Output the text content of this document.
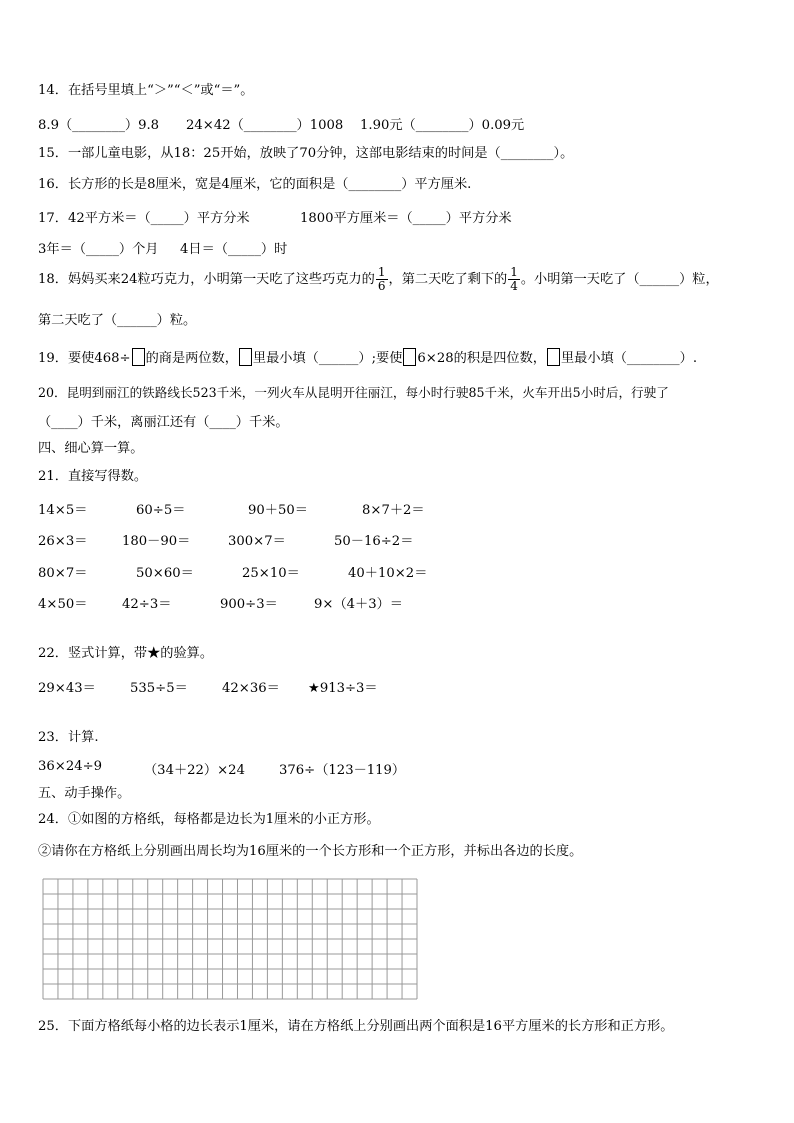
14．在括号里填上“＞”“＜”或“＝”。
8.9（________）9.8 24×42（________）1008 1.90元（________）0.09元
15．一部儿童电影，从18：25开始，放映了70分钟，这部电影结束的时间是（________）。
16．长方形的长是8厘米，宽是4厘米，它的面积是（________）平方厘米.
17．42平方米＝（_____）平方分米	1800平方厘米＝（_____）平方分米
3年＝（_____）个月 4日＝（_____）时
18．妈妈买来24粒巧克力，小明第一天吃了这些巧克力的 $\frac{1}{6}$ ，第二天吃了剩下的 $\frac{1}{4}$ 。小明第一天吃了（______）粒，
第二天吃了（______）粒。
19．要使468÷ 的商是两位数， 里最小填（______）;要使 6×28的积是四位数， 里最小填（________）.
20．昆明到丽江的铁路线长523千米，一列火车从昆明开往丽江，每小时行驶85千米，火车开出5小时后，行驶了
（____）千米，离丽江还有（____）千米。
四、细心算一算。
21．直接写得数。
14×5＝	60÷5＝	90＋50＝	8×7＋2＝
26×3＝	180－90＝	300×7＝	50－16÷2＝
80×7＝	50×60＝	25×10＝	40＋10×2＝
4×50＝	42÷3＝	900÷3＝	9×（4＋3）＝
22．竖式计算，带★的验算。
29×43＝	535÷5＝	42×36＝ ★913÷3＝
23．计算.
36×24÷9	（34＋22）×24	376÷（123－119）
五、动手操作。
24．①如图的方格纸，每格都是边长为1厘米的小正方形。
②请你在方格纸上分别画出周长均为16厘米的一个长方形和一个正方形，并标出各边的长度。
25．下面方格纸每小格的边长表示1厘米，请在方格纸上分别画出两个面积是16平方厘米的长方形和正方形。
